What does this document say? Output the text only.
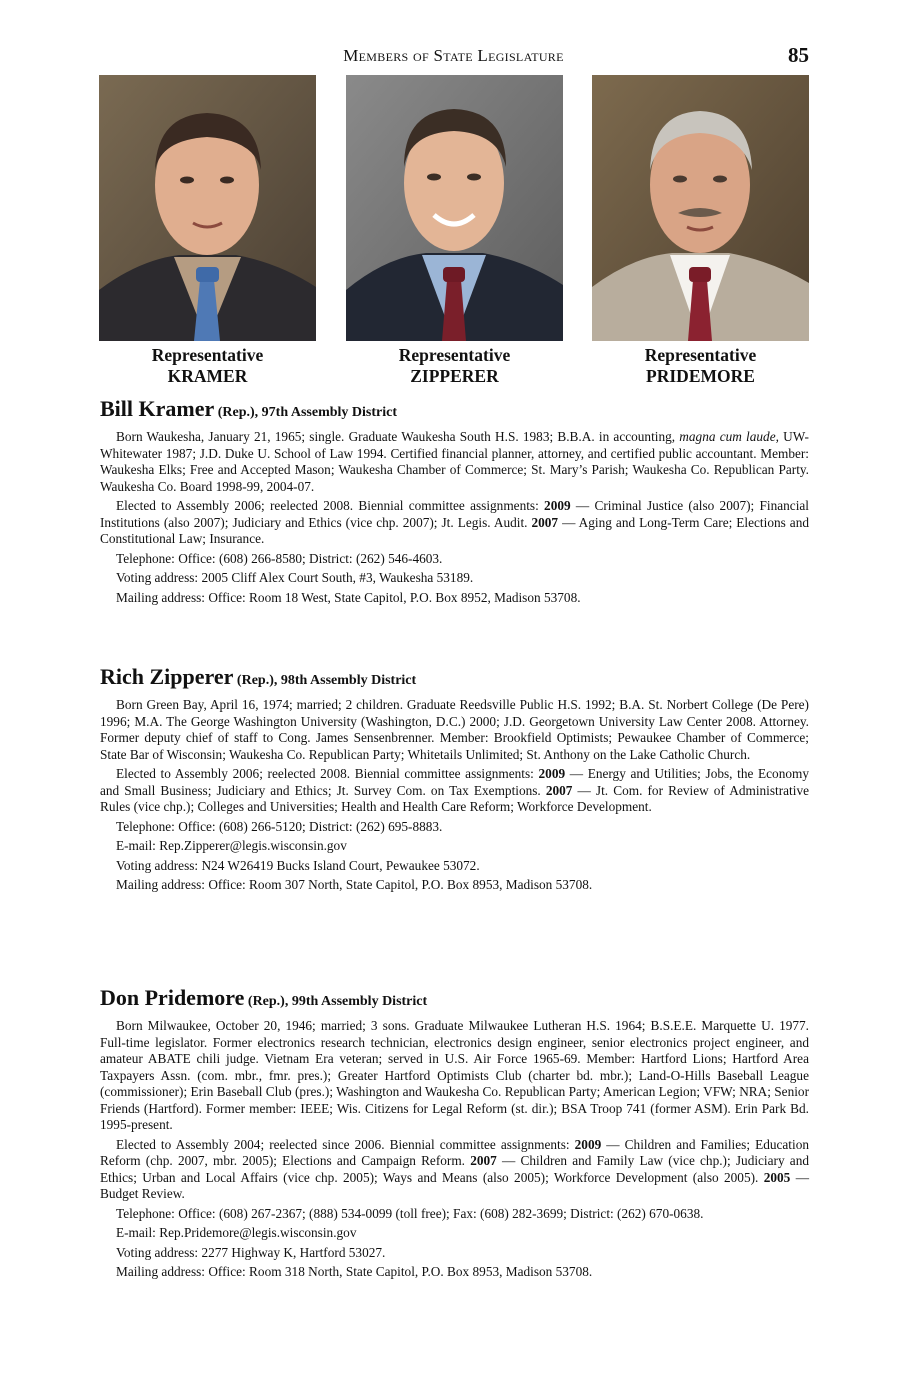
Members of State Legislature	85
Representative
KRAMER
Representative
ZIPPERER
Representative
PRIDEMORE
Bill Kramer (Rep.), 97th Assembly District

Born Waukesha, January 21, 1965; single. Graduate Waukesha South H.S. 1983; B.B.A. in accounting, magna cum laude, UW-Whitewater 1987; J.D. Duke U. School of Law 1994. Certified financial planner, attorney, and certified public accountant. Member: Waukesha Elks; Free and Accepted Mason; Waukesha Chamber of Commerce; St. Mary’s Parish; Waukesha Co. Republican Party. Waukesha Co. Board 1998-99, 2004-07.

Elected to Assembly 2006; reelected 2008. Biennial committee assignments: 2009 — Criminal Justice (also 2007); Financial Institutions (also 2007); Judiciary and Ethics (vice chp. 2007); Jt. Legis. Audit. 2007 — Aging and Long-Term Care; Elections and Constitutional Law; Insurance.

Telephone: Office: (608) 266-8580; District: (262) 546-4603.

Voting address: 2005 Cliff Alex Court South, #3, Waukesha 53189.

Mailing address: Office: Room 18 West, State Capitol, P.O. Box 8952, Madison 53708.

Rich Zipperer (Rep.), 98th Assembly District

Born Green Bay, April 16, 1974; married; 2 children. Graduate Reedsville Public H.S. 1992; B.A. St. Norbert College (De Pere) 1996; M.A. The George Washington University (Washington, D.C.) 2000; J.D. Georgetown University Law Center 2008. Attorney. Former deputy chief of staff to Cong. James Sensenbrenner. Member: Brookfield Optimists; Pewaukee Chamber of Commerce; State Bar of Wisconsin; Waukesha Co. Republican Party; Whitetails Unlimited; St. Anthony on the Lake Catholic Church.

Elected to Assembly 2006; reelected 2008. Biennial committee assignments: 2009 — Energy and Utilities; Jobs, the Economy and Small Business; Judiciary and Ethics; Jt. Survey Com. on Tax Exemptions. 2007 — Jt. Com. for Review of Administrative Rules (vice chp.); Colleges and Universities; Health and Health Care Reform; Workforce Development.

Telephone: Office: (608) 266-5120; District: (262) 695-8883.

E-mail: Rep.Zipperer@legis.wisconsin.gov

Voting address: N24 W26419 Bucks Island Court, Pewaukee 53072.

Mailing address: Office: Room 307 North, State Capitol, P.O. Box 8953, Madison 53708.

Don Pridemore (Rep.), 99th Assembly District

Born Milwaukee, October 20, 1946; married; 3 sons. Graduate Milwaukee Lutheran H.S. 1964; B.S.E.E. Marquette U. 1977. Full-time legislator. Former electronics research technician, electronics design engineer, senior electronics project engineer, and amateur ABATE chili judge. Vietnam Era veteran; served in U.S. Air Force 1965-69. Member: Hartford Lions; Hartford Area Taxpayers Assn. (com. mbr., fmr. pres.); Greater Hartford Optimists Club (charter bd. mbr.); Land-O-Hills Baseball League (commissioner); Erin Baseball Club (pres.); Washington and Waukesha Co. Republican Party; American Legion; VFW; NRA; Senior Friends (Hartford). Former member: IEEE; Wis. Citizens for Legal Reform (st. dir.); BSA Troop 741 (former ASM). Erin Park Bd. 1995-present.

Elected to Assembly 2004; reelected since 2006. Biennial committee assignments: 2009 — Children and Families; Education Reform (chp. 2007, mbr. 2005); Elections and Campaign Reform. 2007 — Children and Family Law (vice chp.); Judiciary and Ethics; Urban and Local Affairs (vice chp. 2005); Ways and Means (also 2005); Workforce Development (also 2005). 2005 — Budget Review.

Telephone: Office: (608) 267-2367; (888) 534-0099 (toll free); Fax: (608) 282-3699; District: (262) 670-0638.

E-mail: Rep.Pridemore@legis.wisconsin.gov

Voting address: 2277 Highway K, Hartford 53027.

Mailing address: Office: Room 318 North, State Capitol, P.O. Box 8953, Madison 53708.
